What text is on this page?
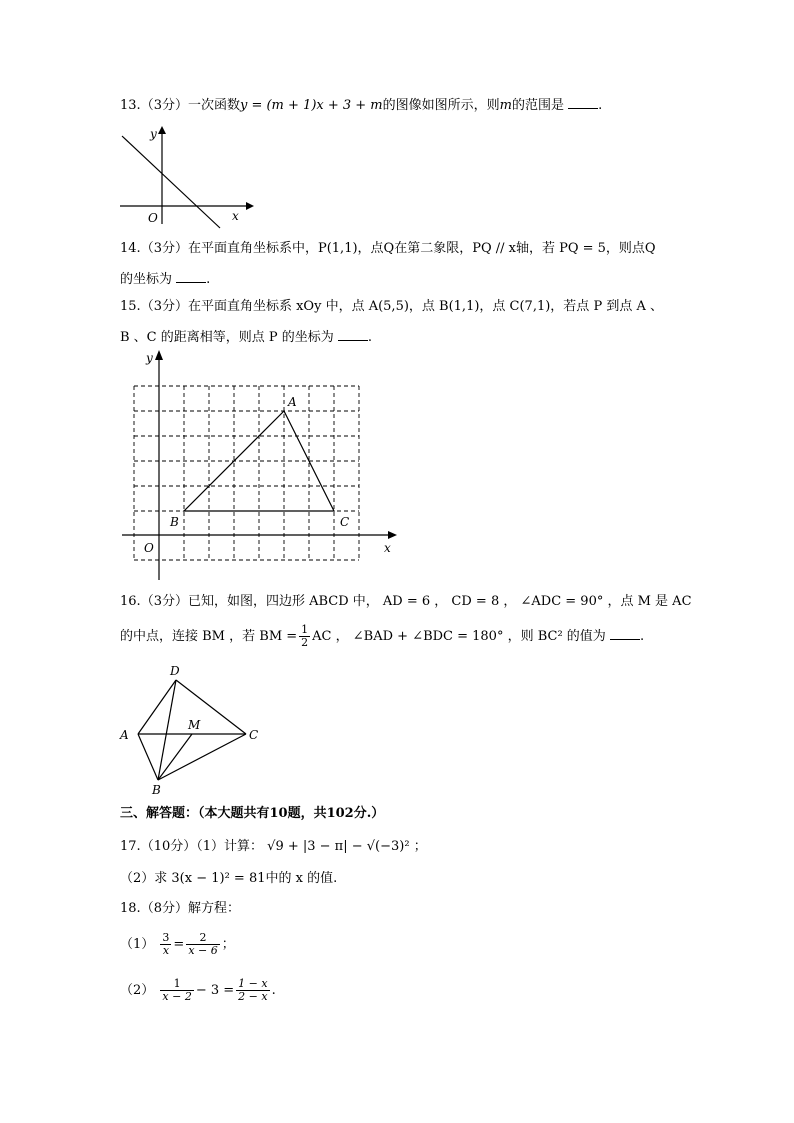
13.（3分）一次函数y = (m + 1)x + 3 + m的图像如图所示，则m的范围是	.
y
x
O
14.（3分）在平面直角坐标系中，P(1,1)，点Q在第二象限，PQ // x轴，若 PQ = 5，则点Q
的坐标为	.
15.（3分）在平面直角坐标系 xOy 中，点 A(5,5)，点 B(1,1)，点 C(7,1)，若点 P 到点 A 、
B 、C 的距离相等，则点 P 的坐标为	.
y
x
O
A
B	C
16.（3分）已知，如图，四边形 ABCD 中， AD = 6 ， CD = 8 ， ∠ADC = 90° ，点 M 是 AC
的中点，连接 BM ，若 BM = $\frac{1}{2}$ AC ， ∠BAD + ∠BDC = 180° ，则 BC² 的值为	.
D
A	C
M
B
三、解答题：（本大题共有10题，共102分.）
17.（10分）（1）计算： √9 + |3 − π| − √(−3)² ；
（2）求 3(x − 1)² = 81中的 x 的值.
18.（8分）解方程：
$(1) \frac{3}{x} = \frac{2}{x - 6}$ ；
$(2) \frac{1}{x - 2} - 3 = \frac{1 - x}{2 - x}$ .
